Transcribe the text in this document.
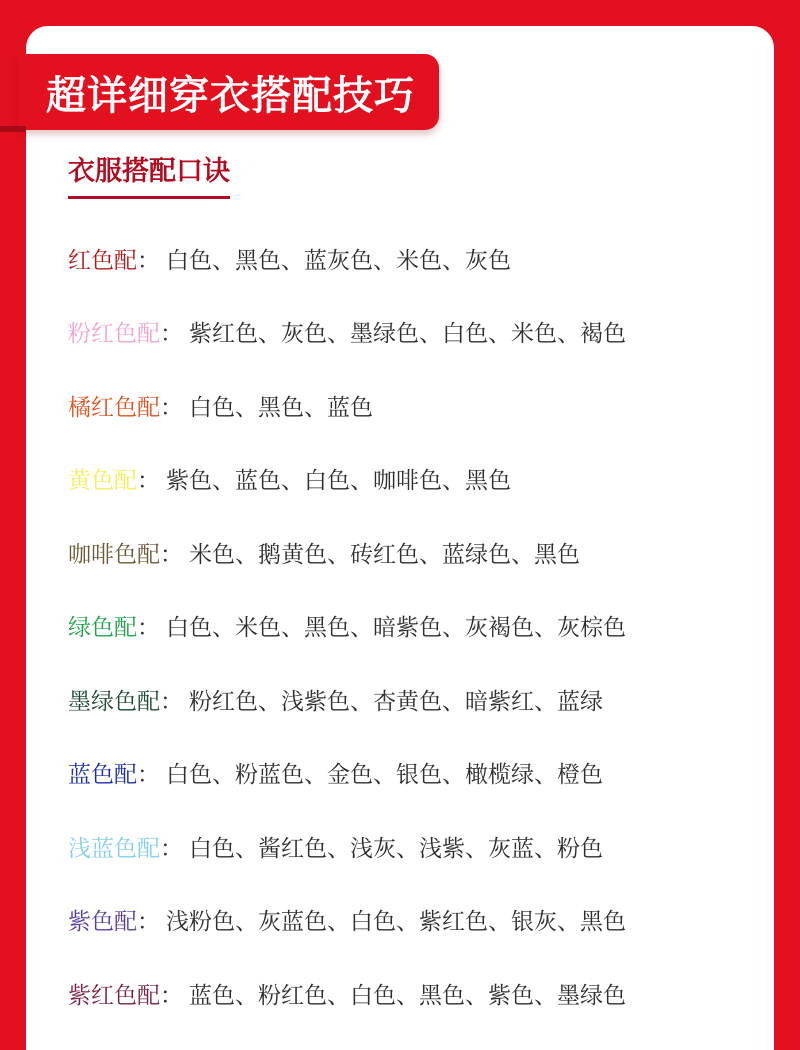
超详细穿衣搭配技巧
衣服搭配口诀
红色配 ： 白色、黑色、蓝灰色、米色、灰色
粉红色配 ： 紫红色、灰色、墨绿色、白色、米色、褐色
橘红色配 ： 白色、黑色、蓝色
黄色配 ： 紫色、蓝色、白色、咖啡色、黑色
咖啡色配 ： 米色、鹅黄色、砖红色、蓝绿色、黑色
绿色配 ： 白色、米色、黑色、暗紫色、灰褐色、灰棕色
墨绿色配 ： 粉红色、浅紫色、杏黄色、暗紫红、蓝绿
蓝色配 ： 白色、粉蓝色、金色、银色、橄榄绿、橙色
浅蓝色配 ： 白色、酱红色、浅灰、浅紫、灰蓝、粉色
紫色配 ： 浅粉色、灰蓝色、白色、紫红色、银灰、黑色
紫红色配 ： 蓝色、粉红色、白色、黑色、紫色、墨绿色
